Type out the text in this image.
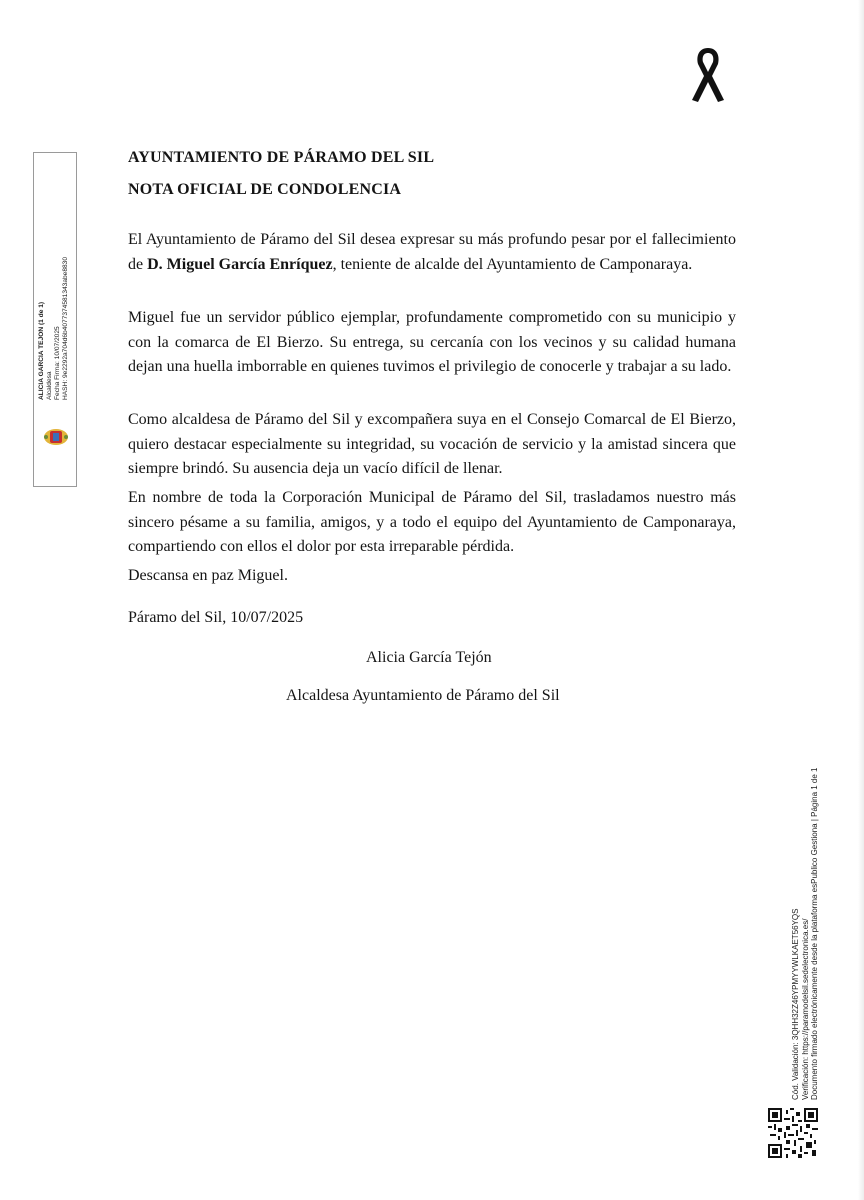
ALICIA GARCIA TEJON (1 de 1) Alcaldesa Fecha Firma: 10/07/2025 HASH: 9e2292a704d6b4077374581343abe8830
AYUNTAMIENTO DE PÁRAMO DEL SIL
NOTA OFICIAL DE CONDOLENCIA

El Ayuntamiento de Páramo del Sil desea expresar su más profundo pesar por el fallecimiento de D. Miguel García Enríquez, teniente de alcalde del Ayuntamiento de Camponaraya.

Miguel fue un servidor público ejemplar, profundamente comprometido con su municipio y con la comarca de El Bierzo. Su entrega, su cercanía con los vecinos y su calidad humana dejan una huella imborrable en quienes tuvimos el privilegio de conocerle y trabajar a su lado.

Como alcaldesa de Páramo del Sil y excompañera suya en el Consejo Comarcal de El Bierzo, quiero destacar especialmente su integridad, su vocación de servicio y la amistad sincera que siempre brindó. Su ausencia deja un vacío difícil de llenar.

En nombre de toda la Corporación Municipal de Páramo del Sil, trasladamos nuestro más sincero pésame a su familia, amigos, y a todo el equipo del Ayuntamiento de Camponaraya, compartiendo con ellos el dolor por esta irreparable pérdida.

Descansa en paz Miguel.

Páramo del Sil, 10/07/2025

Alicia García Tejón

Alcaldesa Ayuntamiento de Páramo del Sil

Cód. Validación: 3QHH32Z46YPMYYWLKAET56YQS Verificación: https://paramodelsil.sedelectronica.es/ Documento firmado electrónicamente desde la plataforma esPublico Gestiona | Página 1 de 1
